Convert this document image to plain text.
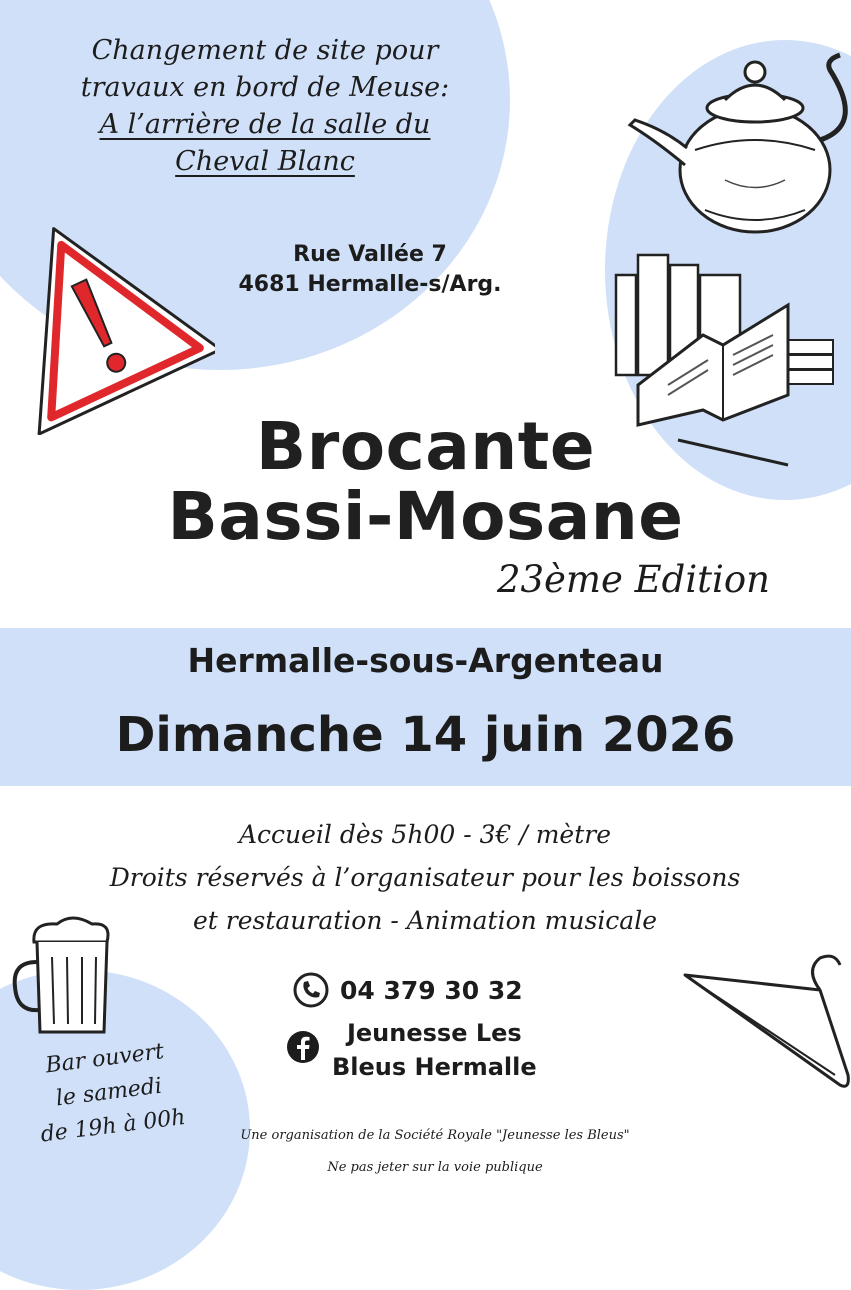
Changement de site pour
travaux en bord de Meuse:
A l’arrière de la salle du
Cheval Blanc
Rue Vallée 7
4681 Hermalle-s/Arg.
Brocante
Bassi-Mosane
23ème Edition
Hermalle-sous-Argenteau
Dimanche 14 juin 2026
Accueil dès 5h00 - 3€ / mètre
Droits réservés à l’organisateur pour les boissons
et restauration - Animation musicale
04 379 30 32
Jeunesse Les
Bleus Hermalle
Bar ouvert
le samedi
de 19h à 00h	Une organisation de la Société Royale "Jeunesse les Bleus"
Ne pas jeter sur la voie publique
